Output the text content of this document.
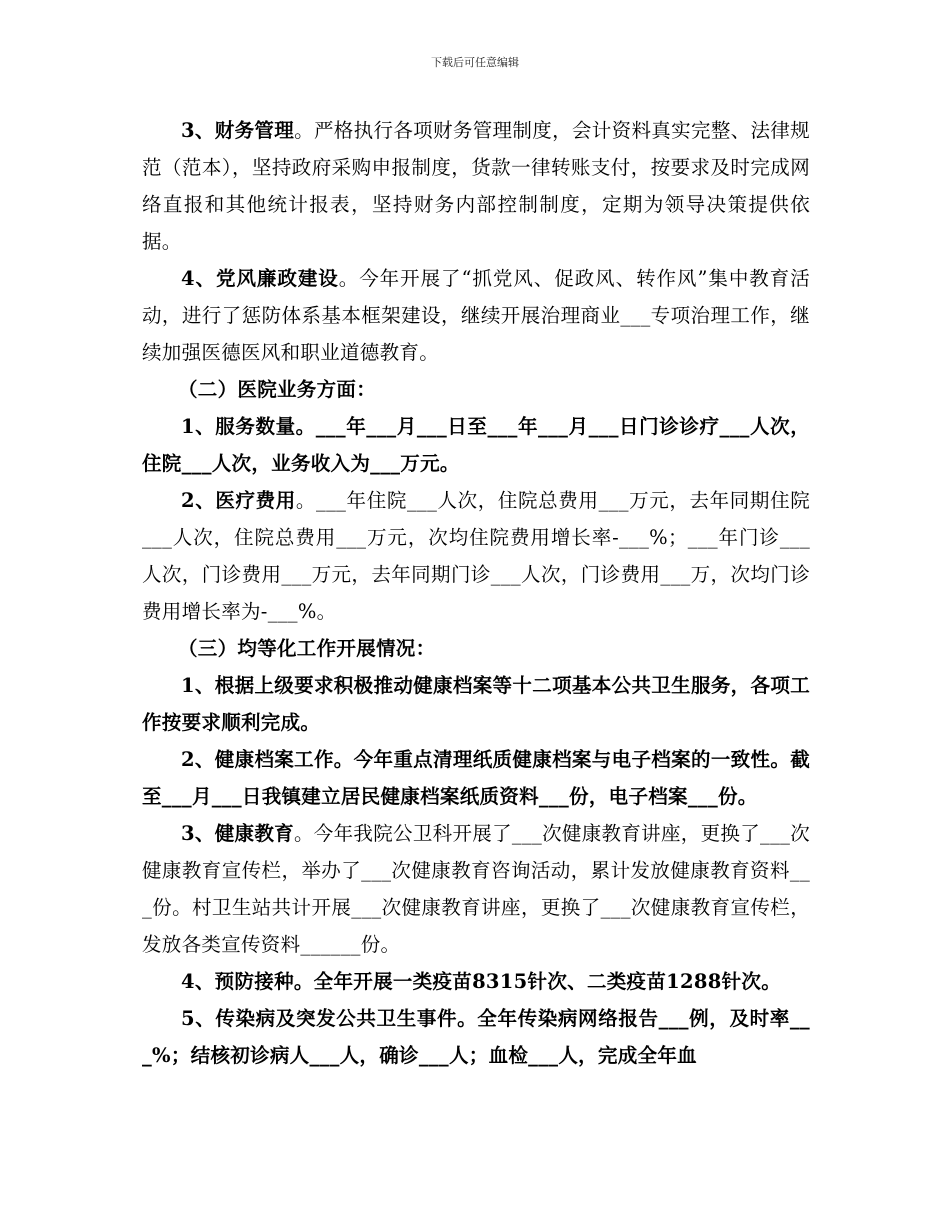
下载后可任意编辑

3、财务管理。严格执行各项财务管理制度，会计资料真实完整、法律规范（范本），坚持政府采购申报制度，货款一律转账支付，按要求及时完成网络直报和其他统计报表，坚持财务内部控制制度，定期为领导决策提供依据。

4、党风廉政建设。今年开展了“抓党风、促政风、转作风”集中教育活动，进行了惩防体系基本框架建设，继续开展治理商业___专项治理工作，继续加强医德医风和职业道德教育。

（二）医院业务方面：

1、服务数量。___年___月___日至___年___月___日门诊诊疗___人次，住院___人次，业务收入为___万元。

2、医疗费用。___年住院___人次，住院总费用___万元，去年同期住院___人次，住院总费用___万元，次均住院费用增长率-___%；___年门诊___人次，门诊费用___万元，去年同期门诊___人次，门诊费用___万，次均门诊费用增长率为-___%。

（三）均等化工作开展情况：

1、根据上级要求积极推动健康档案等十二项基本公共卫生服务，各项工作按要求顺利完成。

2、健康档案工作。今年重点清理纸质健康档案与电子档案的一致性。截至___月___日我镇建立居民健康档案纸质资料___份，电子档案___份。

3、健康教育。今年我院公卫科开展了___次健康教育讲座，更换了___次健康教育宣传栏，举办了___次健康教育咨询活动，累计发放健康教育资料___份。村卫生站共计开展___次健康教育讲座，更换了___次健康教育宣传栏，发放各类宣传资料______份。

4、预防接种。全年开展一类疫苗8315针次、二类疫苗1288针次。

5、传染病及突发公共卫生事件。全年传染病网络报告___例，及时率___%；结核初诊病人___人，确诊___人；血检___人，完成全年血
